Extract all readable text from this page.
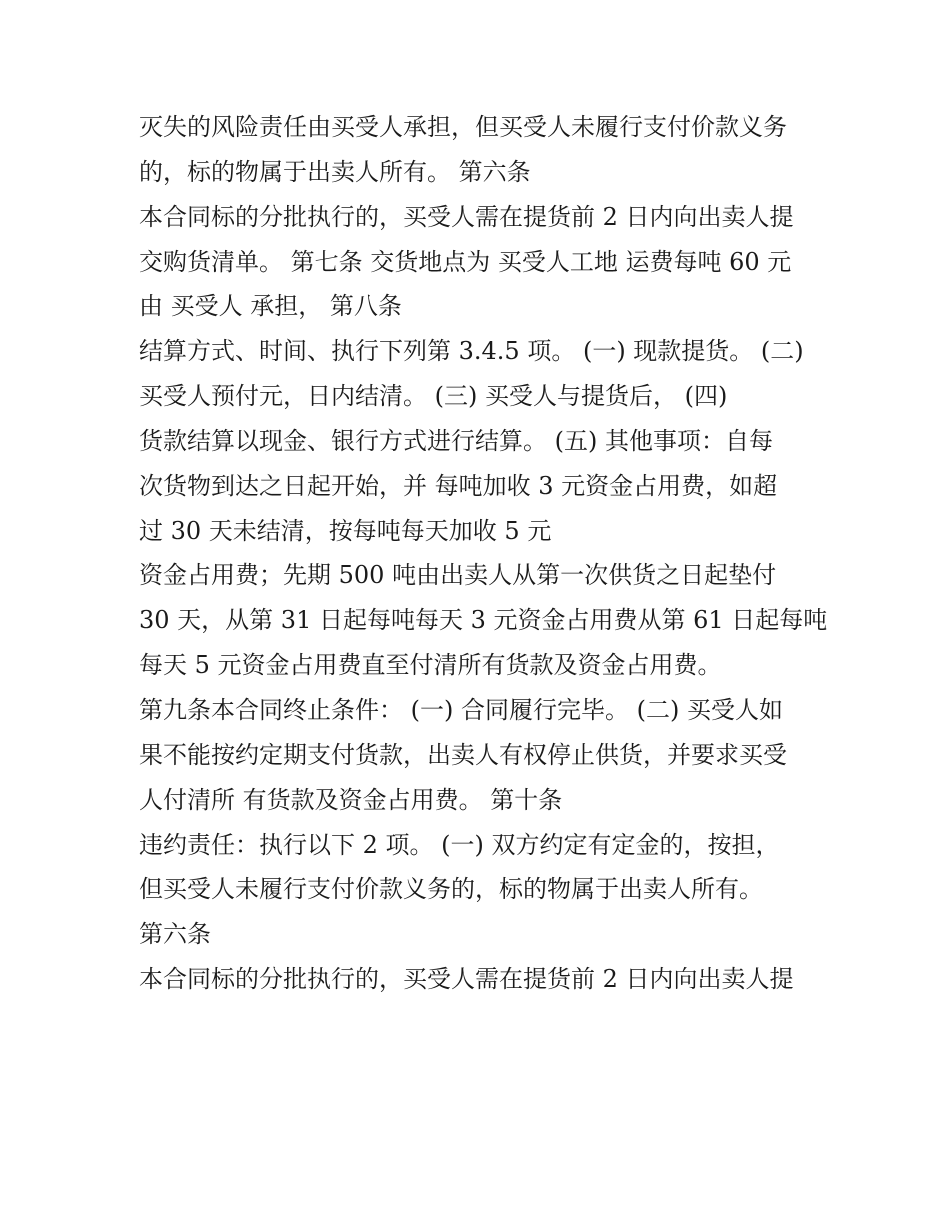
灭失的风险责任由买受人承担，但买受人未履行支付价款义务
的，标的物属于出卖人所有。 第六条
本合同标的分批执行的，买受人需在提货前 2 日内向出卖人提
交购货清单。 第七条 交货地点为 买受人工地 运费每吨 60 元
由 买受人 承担， 第八条
结算方式、时间、执行下列第 3.4.5 项。 (一) 现款提货。 (二)
买受人预付元，日内结清。 (三) 买受人与提货后， (四)
货款结算以现金、银行方式进行结算。 (五) 其他事项：自每
次货物到达之日起开始，并 每吨加收 3 元资金占用费，如超
过 30 天未结清，按每吨每天加收 5 元
资金占用费；先期 500 吨由出卖人从第一次供货之日起垫付
30 天，从第 31 日起每吨每天 3 元资金占用费从第 61 日起每吨
每天 5 元资金占用费直至付清所有货款及资金占用费。
第九条本合同终止条件： (一) 合同履行完毕。 (二) 买受人如
果不能按约定期支付货款，出卖人有权停止供货，并要求买受
人付清所 有货款及资金占用费。 第十条
违约责任：执行以下 2 项。 (一) 双方约定有定金的，按担，
但买受人未履行支付价款义务的，标的物属于出卖人所有。
第六条
本合同标的分批执行的，买受人需在提货前 2 日内向出卖人提
